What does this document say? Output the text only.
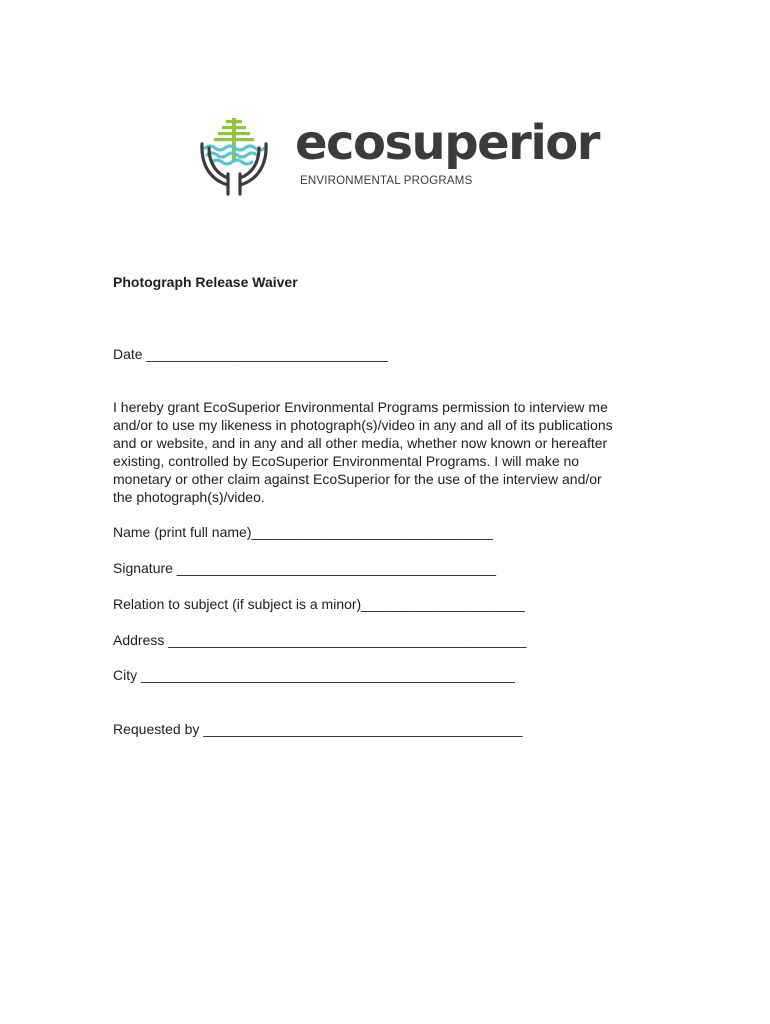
ecosuperior
ENVIRONMENTAL PROGRAMS
Photograph Release Waiver
Date _______________________________
I hereby grant EcoSuperior Environmental Programs permission to interview me
and/or to use my likeness in photograph(s)/video in any and all of its publications
and or website, and in any and all other media, whether now known or hereafter
existing, controlled by EcoSuperior Environmental Programs. I will make no
monetary or other claim against EcoSuperior for the use of the interview and/or
the photograph(s)/video.
Name (print full name)_______________________________
Signature _________________________________________
Relation to subject (if subject is a minor)_____________________
Address ______________________________________________
City ________________________________________________
Requested by _________________________________________
